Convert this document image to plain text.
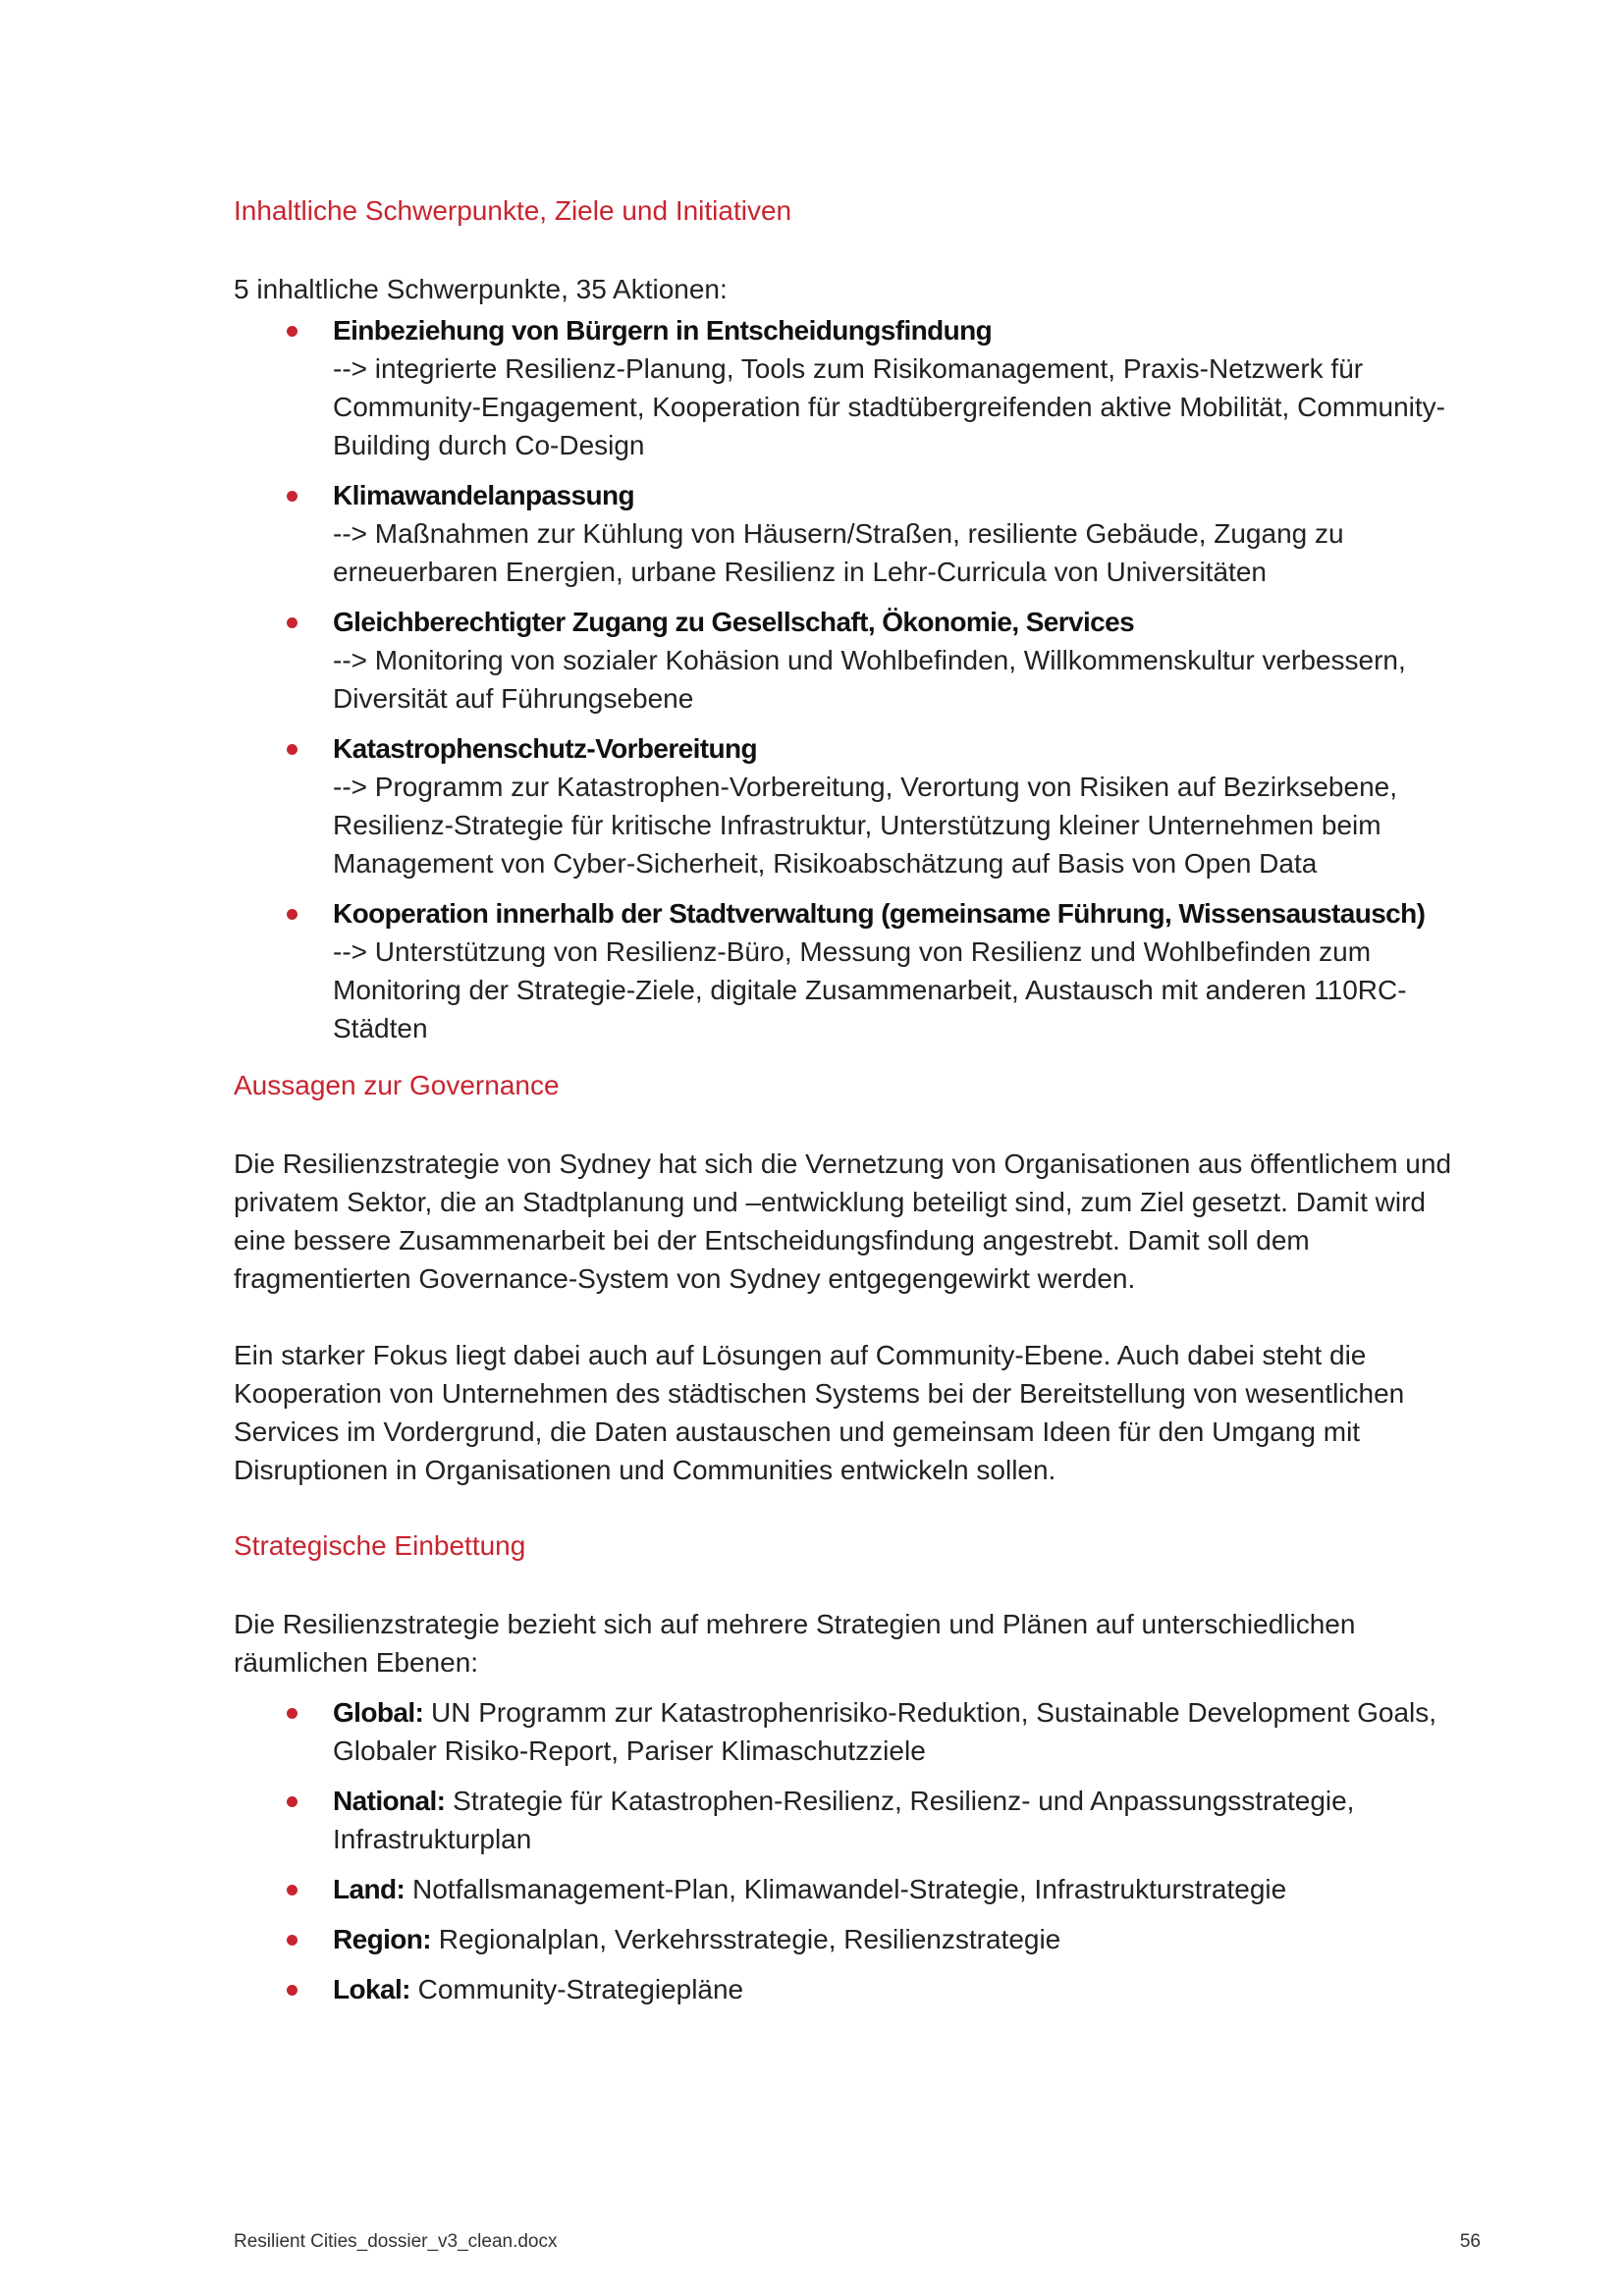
Inhaltliche Schwerpunkte, Ziele und Initiativen

5 inhaltliche Schwerpunkte, 35 Aktionen:

Einbeziehung von Bürgern in Entscheidungsfindung
--> integrierte Resilienz-Planung, Tools zum Risikomanagement, Praxis-Netzwerk für Community-Engagement, Kooperation für stadtübergreifenden aktive Mobilität, Community-Building durch Co-Design
Klimawandelanpassung
--> Maßnahmen zur Kühlung von Häusern/Straßen, resiliente Gebäude, Zugang zu erneuerbaren Energien, urbane Resilienz in Lehr-Curricula von Universitäten
Gleichberechtigter Zugang zu Gesellschaft, Ökonomie, Services
--> Monitoring von sozialer Kohäsion und Wohlbefinden, Willkommenskultur verbessern, Diversität auf Führungsebene
Katastrophenschutz-Vorbereitung
--> Programm zur Katastrophen-Vorbereitung, Verortung von Risiken auf Bezirksebene, Resilienz-Strategie für kritische Infrastruktur, Unterstützung kleiner Unternehmen beim Management von Cyber-Sicherheit, Risikoabschätzung auf Basis von Open Data
Kooperation innerhalb der Stadtverwaltung (gemeinsame Führung, Wissensaustausch)
--> Unterstützung von Resilienz-Büro, Messung von Resilienz und Wohlbefinden zum Monitoring der Strategie-Ziele, digitale Zusammenarbeit, Austausch mit anderen 110RC-Städten
Aussagen zur Governance

Die Resilienzstrategie von Sydney hat sich die Vernetzung von Organisationen aus öffentlichem und privatem Sektor, die an Stadtplanung und –entwicklung beteiligt sind, zum Ziel gesetzt. Damit wird eine bessere Zusammenarbeit bei der Entscheidungsfindung angestrebt. Damit soll dem fragmentierten Governance-System von Sydney entgegengewirkt werden.

Ein starker Fokus liegt dabei auch auf Lösungen auf Community-Ebene. Auch dabei steht die Kooperation von Unternehmen des städtischen Systems bei der Bereitstellung von wesentlichen Services im Vordergrund, die Daten austauschen und gemeinsam Ideen für den Umgang mit Disruptionen in Organisationen und Communities entwickeln sollen.

Strategische Einbettung

Die Resilienzstrategie bezieht sich auf mehrere Strategien und Plänen auf unterschiedlichen räumlichen Ebenen:

Global: UN Programm zur Katastrophenrisiko-Reduktion, Sustainable Development Goals, Globaler Risiko-Report, Pariser Klimaschutzziele
National: Strategie für Katastrophen-Resilienz, Resilienz- und Anpassungsstrategie, Infrastrukturplan
Land: Notfallsmanagement-Plan, Klimawandel-Strategie, Infrastrukturstrategie
Region: Regionalplan, Verkehrsstrategie, Resilienzstrategie
Lokal: Community-Strategiepläne
Resilient Cities_dossier_v3_clean.docx	56
